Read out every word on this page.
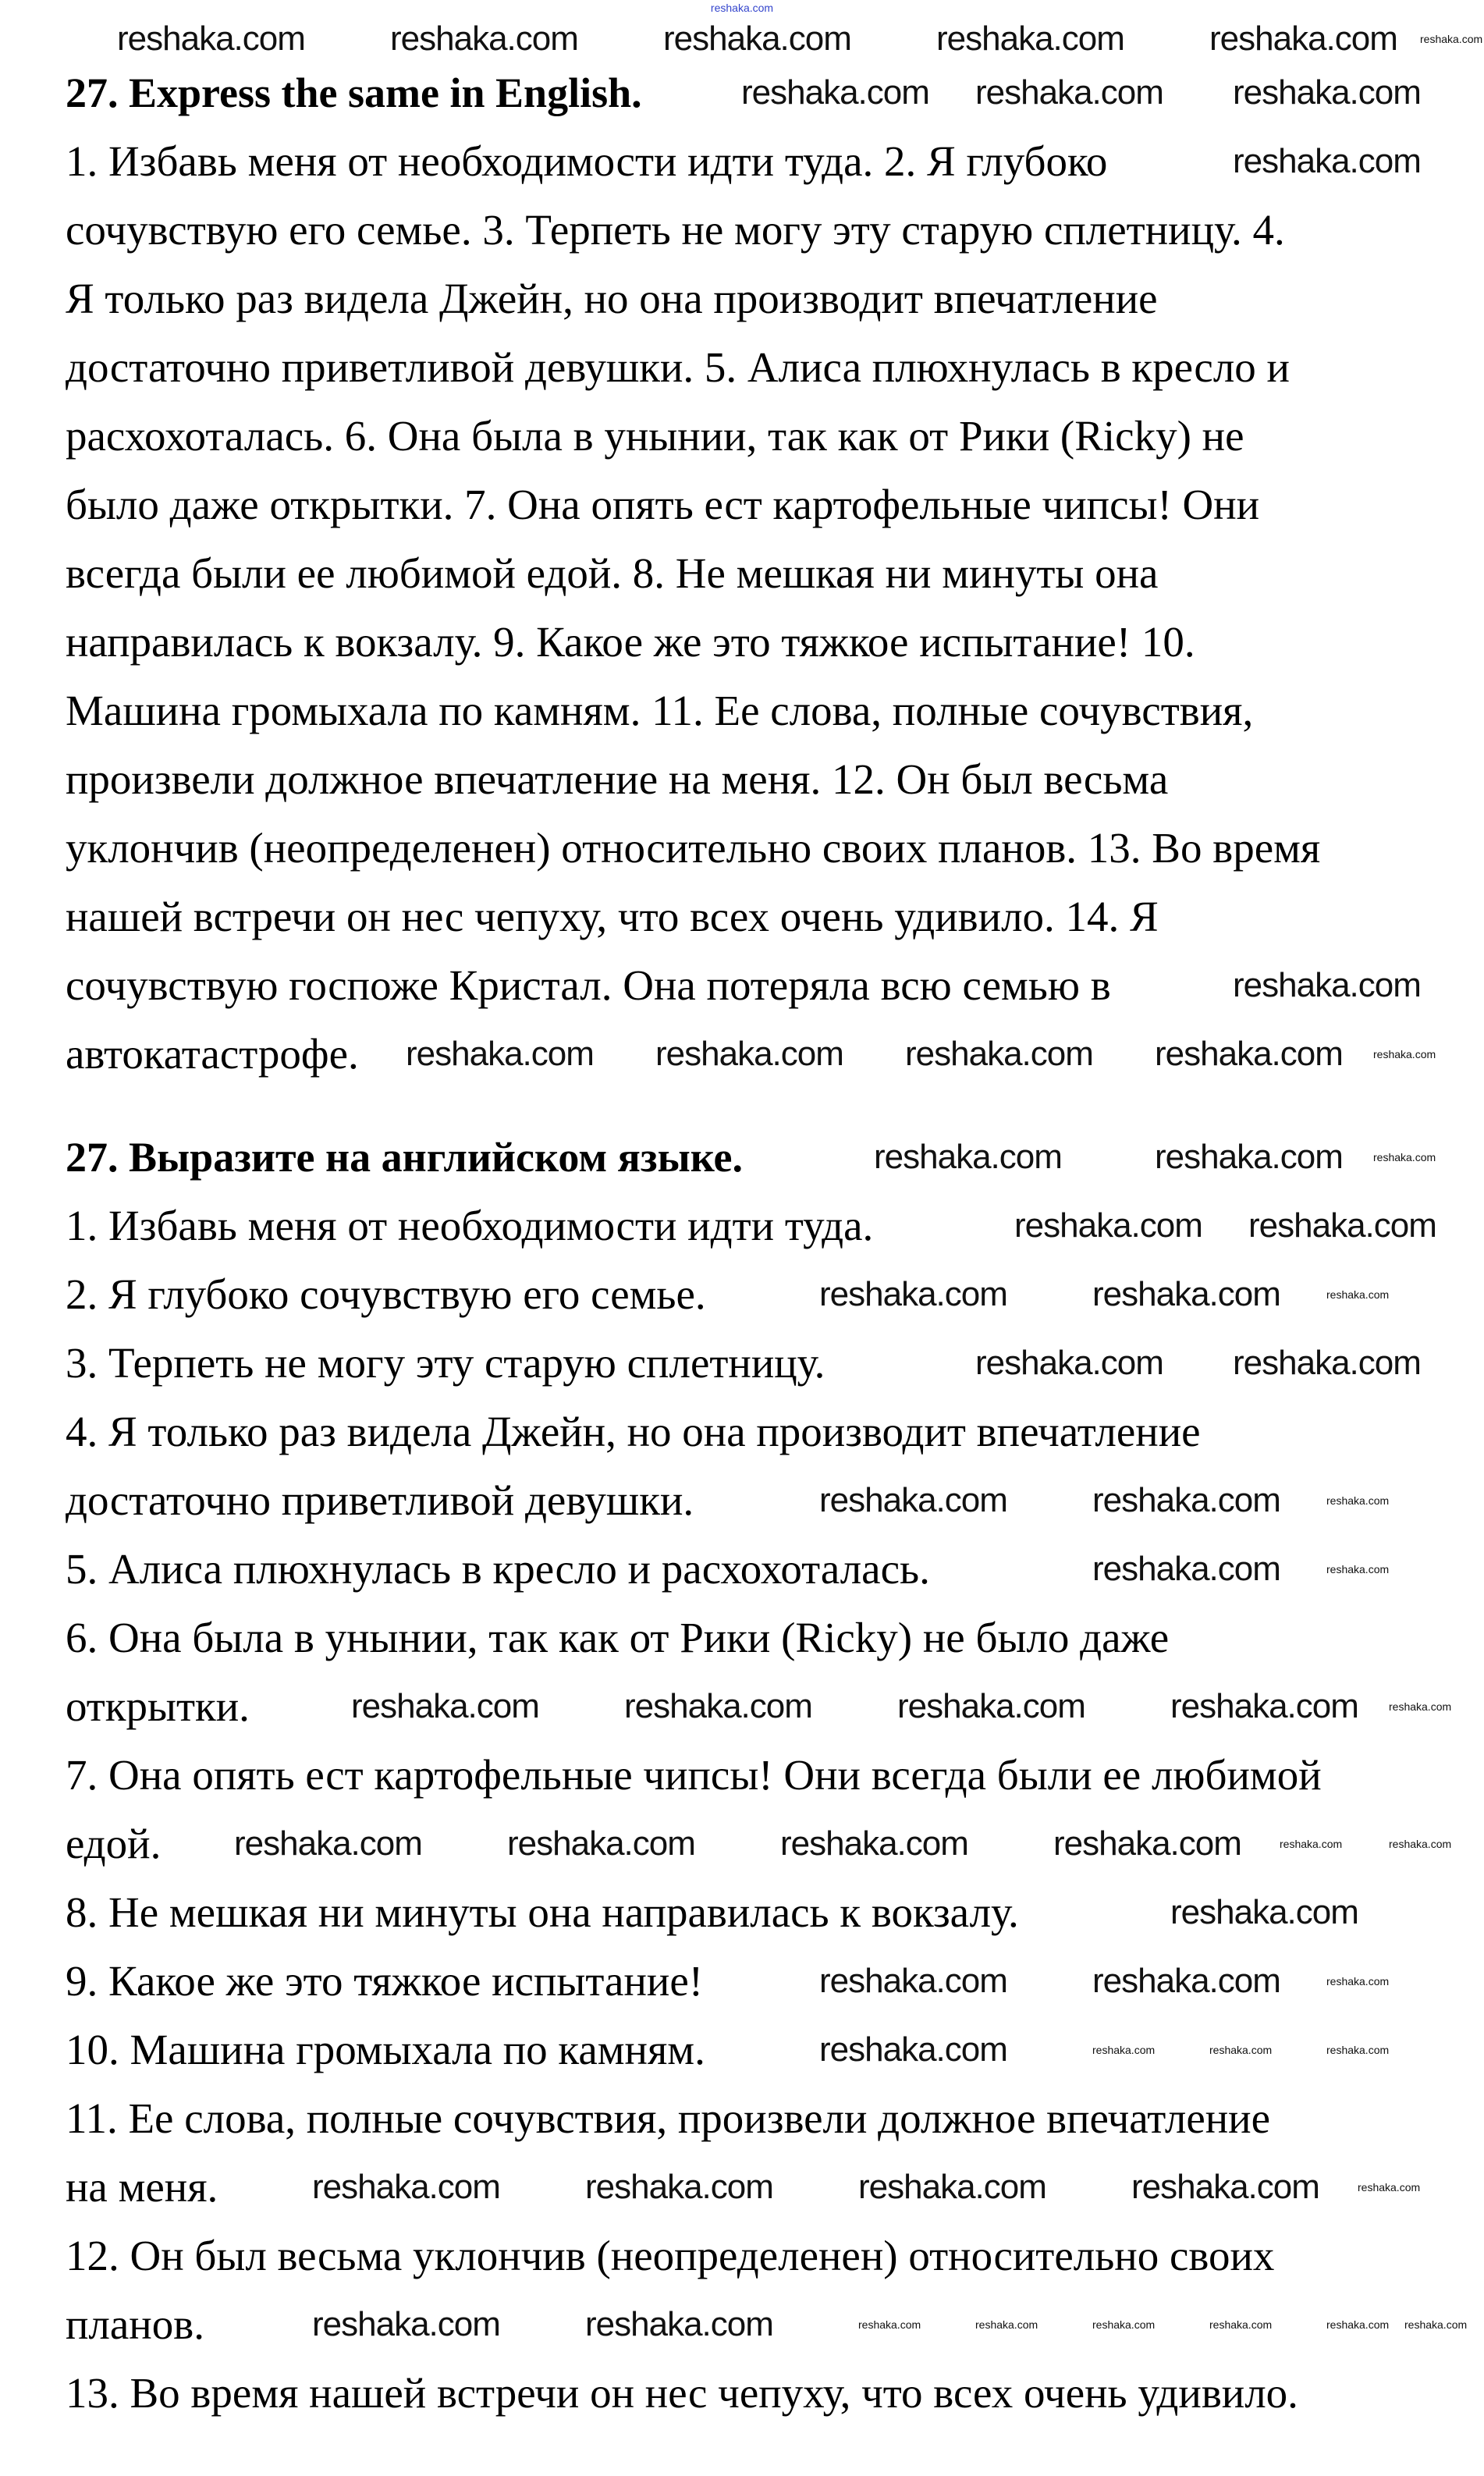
reshaka.com
27. Express the same in English.
1. Избавь меня от необходимости идти туда. 2. Я глубоко
сочувствую его семье. 3. Терпеть не могу эту старую сплетницу. 4.
Я только раз видела Джейн, но она производит впечатление
достаточно приветливой девушки. 5. Алиса плюхнулась в кресло и
расхохоталась. 6. Она была в унынии, так как от Рики (Ricky) не
было даже открытки. 7. Она опять ест картофельные чипсы! Они
всегда были ее любимой едой. 8. Не мешкая ни минуты она
направилась к вокзалу. 9. Какое же это тяжкое испытание! 10.
Машина громыхала по камням. 11. Ее слова, полные сочувствия,
произвели должное впечатление на меня. 12. Он был весьма
уклончив (неопределенен) относительно своих планов. 13. Во время
нашей встречи он нес чепуху, что всех очень удивило. 14. Я
сочувствую госпоже Кристал. Она потеряла всю семью в
автокатастрофе.
27. Выразите на английском языке.
1. Избавь меня от необходимости идти туда.
2. Я глубоко сочувствую его семье.
3. Терпеть не могу эту старую сплетницу.
4. Я только раз видела Джейн, но она производит впечатление
достаточно приветливой девушки.
5. Алиса плюхнулась в кресло и расхохоталась.
6. Она была в унынии, так как от Рики (Ricky) не было даже
открытки.
7. Она опять ест картофельные чипсы! Они всегда были ее любимой
едой.
8. Не мешкая ни минуты она направилась к вокзалу.
9. Какое же это тяжкое испытание!
10. Машина громыхала по камням.
11. Ее слова, полные сочувствия, произвели должное впечатление
на меня.
12. Он был весьма уклончив (неопределенен) относительно своих
планов.
13. Во время нашей встречи он нес чепуху, что всех очень удивило.
reshaka.com reshaka.com reshaka.com reshaka.com reshaka.com
reshaka.com reshaka.com reshaka.com
reshaka.com
reshaka.com
reshaka.com reshaka.com reshaka.com reshaka.com
reshaka.com	reshaka.com
reshaka.com reshaka.com
reshaka.com reshaka.com
reshaka.com reshaka.com
reshaka.com reshaka.com
reshaka.com
reshaka.com reshaka.com reshaka.com reshaka.com
reshaka.com reshaka.com reshaka.com reshaka.com
reshaka.com
reshaka.com reshaka.com
reshaka.com
reshaka.com reshaka.com reshaka.com reshaka.com
reshaka.com reshaka.com	reshaka.com	reshaka.com	reshaka.com	reshaka.com	reshaka.com
reshaka.com	reshaka.com	reshaka.com
reshaka.com
reshaka.com
reshaka.com	reshaka.com
reshaka.com
reshaka.com
reshaka.com
reshaka.com
reshaka.com
reshaka.com
reshaka.com
reshaka.com
